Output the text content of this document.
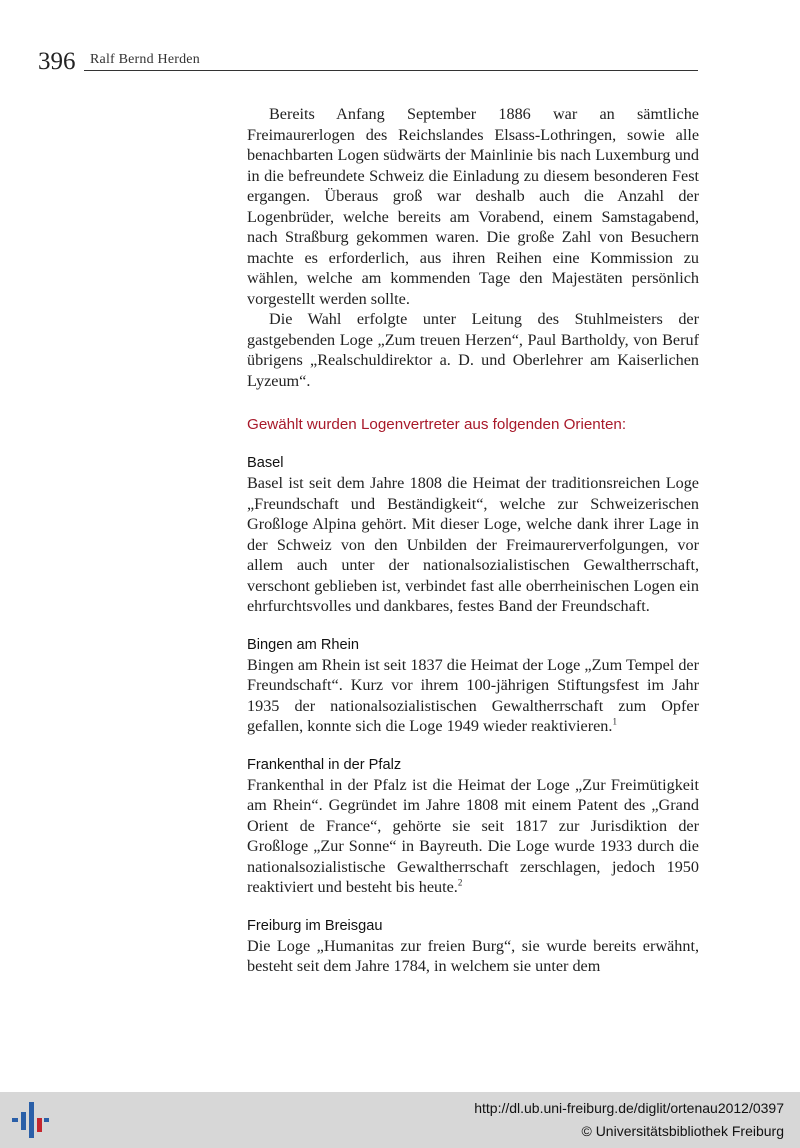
396 Ralf Bernd Herden

Bereits Anfang September 1886 war an sämtliche Freimaurerlogen des Reichslandes Elsass-Lothringen, sowie alle benachbarten Logen südwärts der Mainlinie bis nach Luxemburg und in die befreundete Schweiz die Einladung zu diesem besonderen Fest ergangen. Überaus groß war deshalb auch die Anzahl der Logenbrüder, welche bereits am Vorabend, einem Samstagabend, nach Straßburg gekommen waren. Die große Zahl von Besuchern machte es erforderlich, aus ihren Reihen eine Kommission zu wählen, welche am kommenden Tage den Majestäten persönlich vorgestellt werden sollte.

Die Wahl erfolgte unter Leitung des Stuhlmeisters der gastgebenden Loge „Zum treuen Herzen“, Paul Bartholdy, von Beruf übrigens „Realschuldirektor a. D. und Oberlehrer am Kaiserlichen Lyzeum“.

Gewählt wurden Logenvertreter aus folgenden Orienten:

Basel

Basel ist seit dem Jahre 1808 die Heimat der traditionsreichen Loge „Freundschaft und Beständigkeit“, welche zur Schweizerischen Großloge Alpina gehört. Mit dieser Loge, welche dank ihrer Lage in der Schweiz von den Unbilden der Freimaurerverfolgungen, vor allem auch unter der nationalsozialistischen Gewaltherrschaft, verschont geblieben ist, verbindet fast alle oberrheinischen Logen ein ehrfurchtsvolles und dankbares, festes Band der Freundschaft.

Bingen am Rhein

Bingen am Rhein ist seit 1837 die Heimat der Loge „Zum Tempel der Freundschaft“. Kurz vor ihrem 100-jährigen Stiftungsfest im Jahr 1935 der nationalsozialistischen Gewaltherrschaft zum Opfer gefallen, konnte sich die Loge 1949 wieder reaktivieren.$^1$

Frankenthal in der Pfalz

Frankenthal in der Pfalz ist die Heimat der Loge „Zur Freimütigkeit am Rhein“. Gegründet im Jahre 1808 mit einem Patent des „Grand Orient de France“, gehörte sie seit 1817 zur Jurisdiktion der Großloge „Zur Sonne“ in Bayreuth. Die Loge wurde 1933 durch die nationalsozialistische Gewaltherrschaft zerschlagen, jedoch 1950 reaktiviert und besteht bis heute.$^2$

Freiburg im Breisgau

Die Loge „Humanitas zur freien Burg“, sie wurde bereits erwähnt, besteht seit dem Jahre 1784, in welchem sie unter dem

http://dl.ub.uni-freiburg.de/diglit/ortenau2012/0397
© Universitätsbibliothek Freiburg
